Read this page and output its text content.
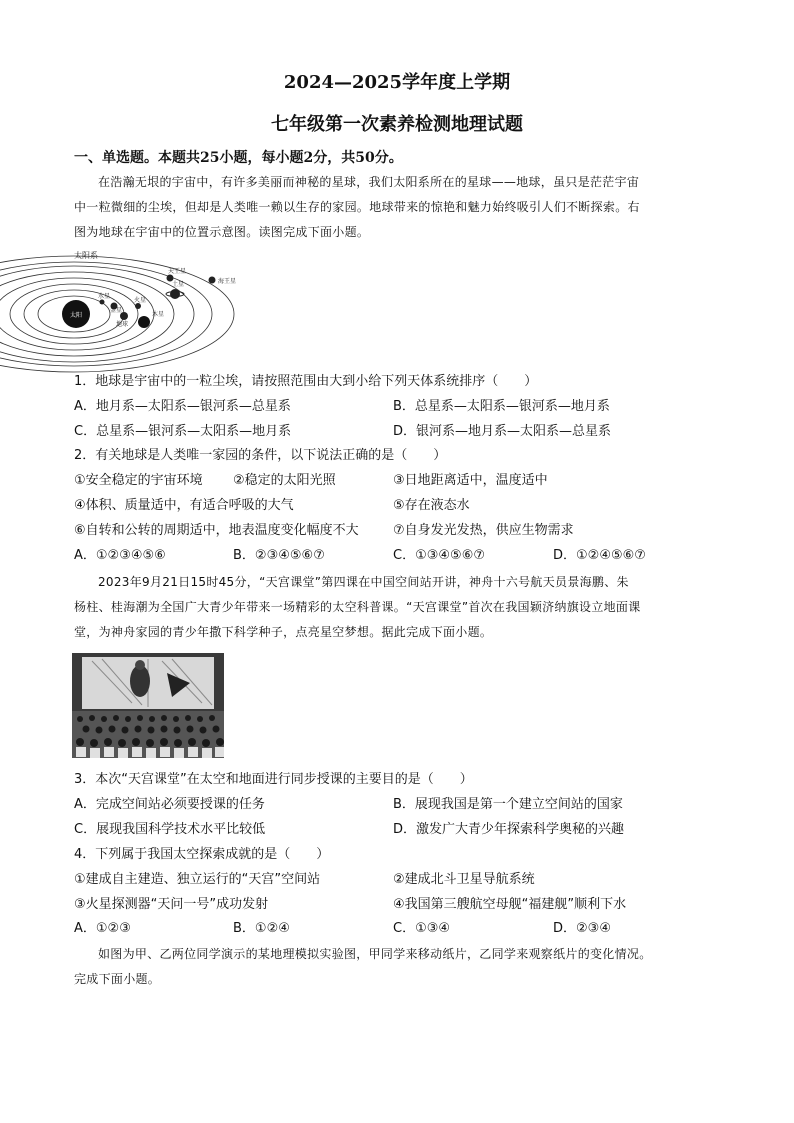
2024—2025学年度上学期
七年级第一次素养检测地理试题
一、单选题。本题共25小题，每小题2分，共50分。
在浩瀚无垠的宇宙中，有许多美丽而神秘的星球，我们太阳系所在的星球——地球，虽只是茫茫宇宙
中一粒微细的尘埃，但却是人类唯一赖以生存的家园。地球带来的惊艳和魅力始终吸引人们不断探索。右
图为地球在宇宙中的位置示意图。读图完成下面小题。
太阳系
太阳
水星
金星
地球
火星
木星
土星
天王星
海王星
1．地球是宇宙中的一粒尘埃，请按照范围由大到小给下列天体系统排序（　　）
A．地月系—太阳系—银河系—总星系	B．总星系—太阳系—银河系—地月系
C．总星系—银河系—太阳系—地月系	D．银河系—地月系—太阳系—总星系
2．有关地球是人类唯一家园的条件，以下说法正确的是（　　）
①安全稳定的宇宙环境 ②稳定的太阳光照	③日地距离适中，温度适中
④体积、质量适中，有适合呼吸的大气	⑤存在液态水
⑥自转和公转的周期适中，地表温度变化幅度不大	⑦自身发光发热，供应生物需求
A．①②③④⑤⑥	B．②③④⑤⑥⑦	C．①③④⑤⑥⑦	D．①②④⑤⑥⑦
2023年9月21日15时45分，“天宫课堂”第四课在中国空间站开讲，神舟十六号航天员景海鹏、朱
杨柱、桂海潮为全国广大青少年带来一场精彩的太空科普课。“天宫课堂”首次在我国颖济纳旗设立地面课
堂，为神舟家园的青少年撒下科学种子，点亮星空梦想。据此完成下面小题。
3．本次“天宫课堂”在太空和地面进行同步授课的主要目的是（　　）
A．完成空间站必须要授课的任务	B．展现我国是第一个建立空间站的国家
C．展现我国科学技术水平比较低	D．激发广大青少年探索科学奥秘的兴趣
4．下列属于我国太空探索成就的是（　　）
①建成自主建造、独立运行的“天宫”空间站	②建成北斗卫星导航系统
③火星探测器“天问一号”成功发射	④我国第三艘航空母舰“福建舰”顺利下水
A．①②③	B．①②④	C．①③④	D．②③④
如图为甲、乙两位同学演示的某地理模拟实验图，甲同学来移动纸片，乙同学来观察纸片的变化情况。
完成下面小题。
